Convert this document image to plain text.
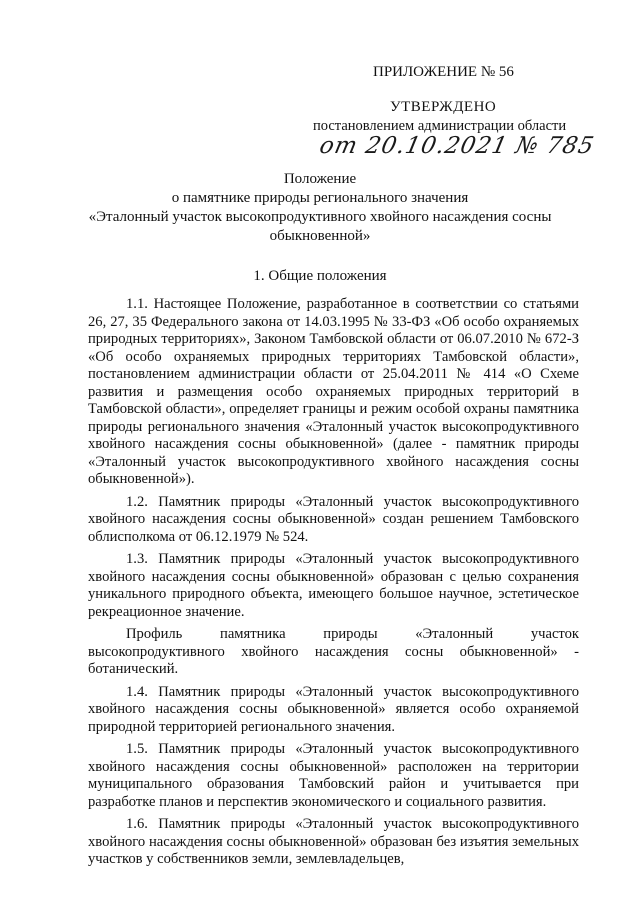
ПРИЛОЖЕНИЕ № 56
УТВЕРЖДЕНО
постановлением администрации области
от 20.10.2021 № 785
Положение
о памятнике природы регионального значения
«Эталонный участок высокопродуктивного хвойного насаждения сосны обыкновенной»
1. Общие положения

1.1. Настоящее Положение, разработанное в соответствии со статьями 26, 27, 35 Федерального закона от 14.03.1995 № 33-ФЗ «Об особо охраняемых природных территориях», Законом Тамбовской области от 06.07.2010 № 672-З «Об особо охраняемых природных территориях Тамбовской области», постановлением администрации области от 25.04.2011 № 414 «О Схеме развития и размещения особо охраняемых природных территорий в Тамбовской области», определяет границы и режим особой охраны памятника природы регионального значения «Эталонный участок высокопродуктивного хвойного насаждения сосны обыкновенной» (далее - памятник природы «Эталонный участок высокопродуктивного хвойного насаждения сосны обыкновенной»).

1.2. Памятник природы «Эталонный участок высокопродуктивного хвойного насаждения сосны обыкновенной» создан решением Тамбовского облисполкома от 06.12.1979 № 524.

1.3. Памятник природы «Эталонный участок высокопродуктивного хвойного насаждения сосны обыкновенной» образован с целью сохранения уникального природного объекта, имеющего большое научное, эстетическое рекреационное значение.

Профиль памятника природы «Эталонный участок высокопродуктивного хвойного насаждения сосны обыкновенной» - ботанический.

1.4. Памятник природы «Эталонный участок высокопродуктивного хвойного насаждения сосны обыкновенной» является особо охраняемой природной территорией регионального значения.

1.5. Памятник природы «Эталонный участок высокопродуктивного хвойного насаждения сосны обыкновенной» расположен на территории муниципального образования Тамбовский район и учитывается при разработке планов и перспектив экономического и социального развития.

1.6. Памятник природы «Эталонный участок высокопродуктивного хвойного насаждения сосны обыкновенной» образован без изъятия земельных участков у собственников земли, землевладельцев,
